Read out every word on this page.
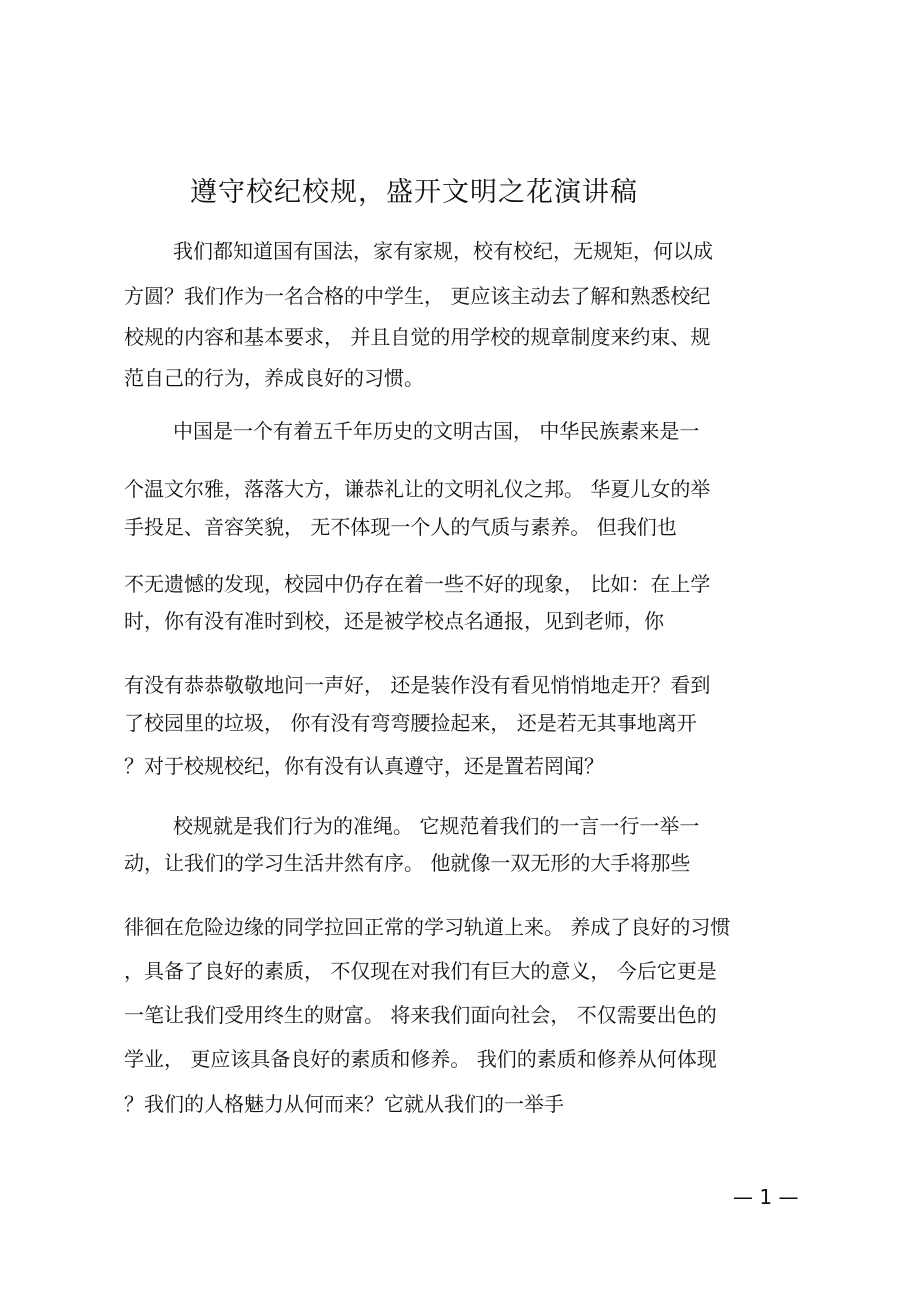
遵守校纪校规，盛开文明之花演讲稿

我们都知道国有国法，家有家规，校有校纪，无规矩，何以成

方圆？我们作为一名合格的中学生， 更应该主动去了解和熟悉校纪

校规的内容和基本要求， 并且自觉的用学校的规章制度来约束、规

范自己的行为，养成良好的习惯。

中国是一个有着五千年历史的文明古国， 中华民族素来是一

个温文尔雅，落落大方，谦恭礼让的文明礼仪之邦。 华夏儿女的举

手投足、音容笑貌， 无不体现一个人的气质与素养。 但我们也

不无遗憾的发现，校园中仍存在着一些不好的现象， 比如：在上学

时，你有没有准时到校，还是被学校点名通报，见到老师，你

有没有恭恭敬敬地问一声好， 还是装作没有看见悄悄地走开？看到

了校园里的垃圾， 你有没有弯弯腰捡起来， 还是若无其事地离开

？对于校规校纪，你有没有认真遵守，还是置若罔闻？

校规就是我们行为的准绳。 它规范着我们的一言一行一举一

动，让我们的学习生活井然有序。 他就像一双无形的大手将那些

徘徊在危险边缘的同学拉回正常的学习轨道上来。 养成了良好的习惯

，具备了良好的素质， 不仅现在对我们有巨大的意义， 今后它更是

一笔让我们受用终生的财富。 将来我们面向社会， 不仅需要出色的

学业， 更应该具备良好的素质和修养。 我们的素质和修养从何体现

？我们的人格魅力从何而来？它就从我们的一举手

— 1 —
